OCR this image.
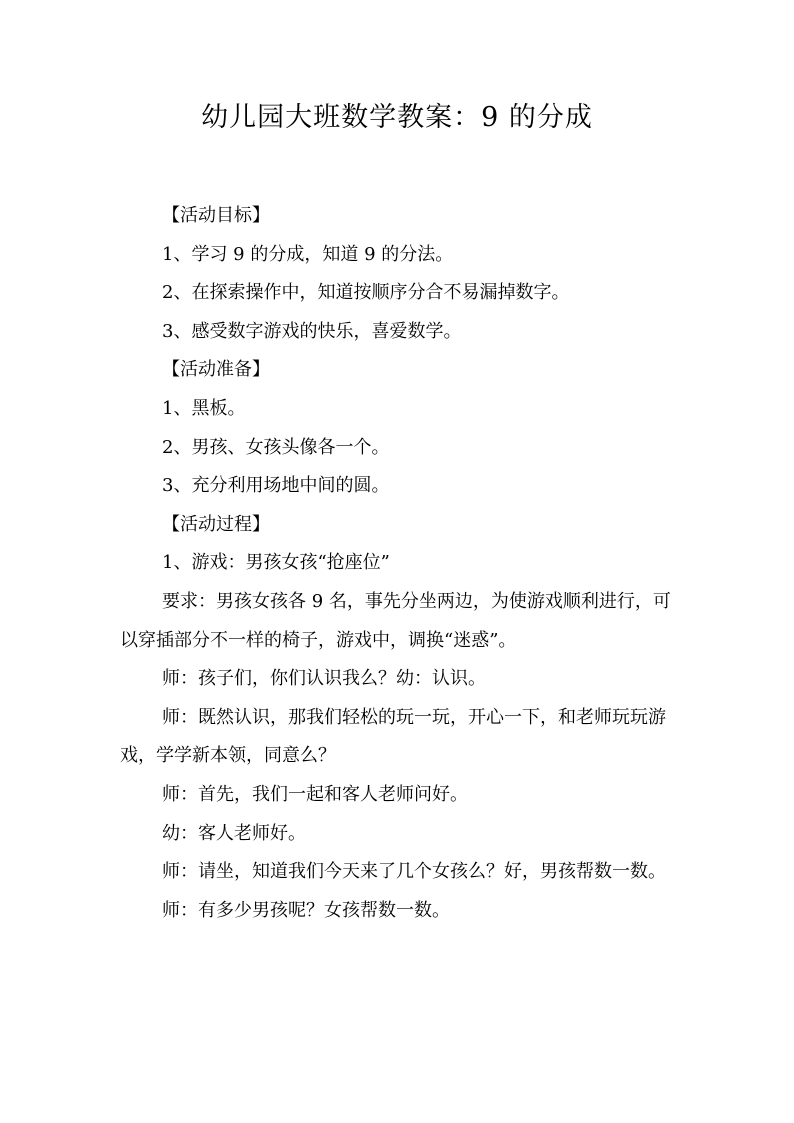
幼儿园大班数学教案：9 的分成

【活动目标】

1、学习 9 的分成，知道 9 的分法。

2、在探索操作中，知道按顺序分合不易漏掉数字。

3、感受数字游戏的快乐，喜爱数学。

【活动准备】

1、黑板。

2、男孩、女孩头像各一个。

3、充分利用场地中间的圆。

【活动过程】

1、游戏：男孩女孩“抢座位”

要求：男孩女孩各 9 名，事先分坐两边，为使游戏顺利进行，可以穿插部分不一样的椅子，游戏中，调换“迷惑”。

师：孩子们，你们认识我么？幼：认识。

师：既然认识，那我们轻松的玩一玩，开心一下，和老师玩玩游戏，学学新本领，同意么？

师：首先，我们一起和客人老师问好。

幼：客人老师好。

师：请坐，知道我们今天来了几个女孩么？好，男孩帮数一数。

师：有多少男孩呢？女孩帮数一数。
